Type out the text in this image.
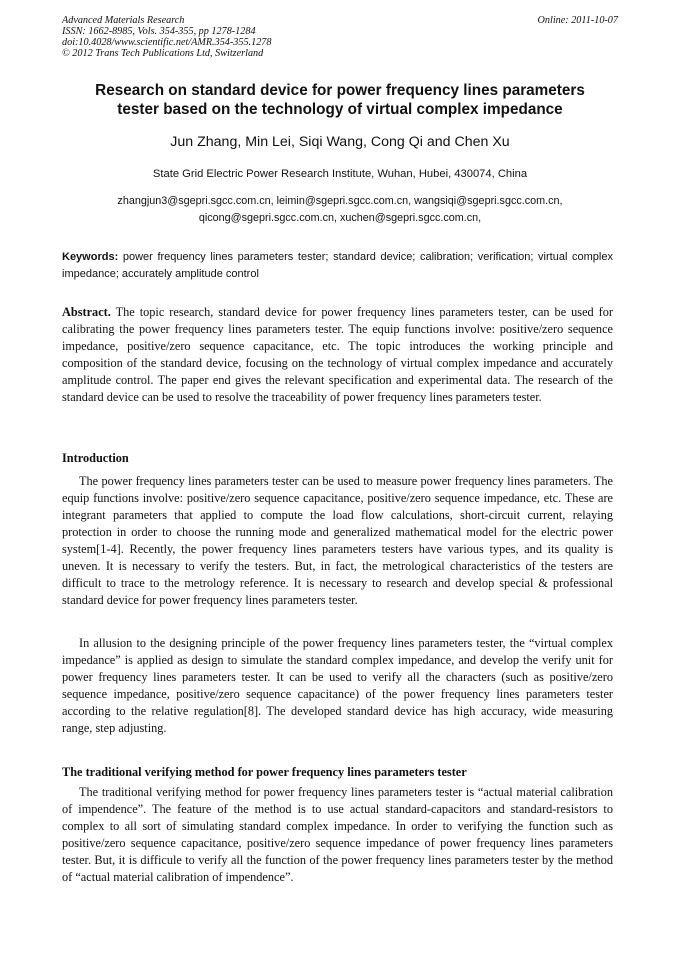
Advanced Materials Research	Online: 2011-10-07
ISSN: 1662-8985, Vols. 354-355, pp 1278-1284
doi:10.4028/www.scientific.net/AMR.354-355.1278
© 2012 Trans Tech Publications Ltd, Switzerland
Research on standard device for power frequency lines parameters
tester based on the technology of virtual complex impedance
Jun Zhang, Min Lei, Siqi Wang, Cong Qi and Chen Xu
State Grid Electric Power Research Institute, Wuhan, Hubei, 430074, China
zhangjun3@sgepri.sgcc.com.cn, leimin@sgepri.sgcc.com.cn, wangsiqi@sgepri.sgcc.com.cn,
qicong@sgepri.sgcc.com.cn, xuchen@sgepri.sgcc.com.cn,
Keywords: power frequency lines parameters tester; standard device; calibration; verification; virtual complex impedance; accurately amplitude control
Abstract. The topic research, standard device for power frequency lines parameters tester, can be used for calibrating the power frequency lines parameters tester. The equip functions involve: positive/zero sequence impedance, positive/zero sequence capacitance, etc. The topic introduces the working principle and composition of the standard device, focusing on the technology of virtual complex impedance and accurately amplitude control. The paper end gives the relevant specification and experimental data. The research of the standard device can be used to resolve the traceability of power frequency lines parameters tester.
Introduction
The power frequency lines parameters tester can be used to measure power frequency lines parameters. The equip functions involve: positive/zero sequence capacitance, positive/zero sequence impedance, etc. These are integrant parameters that applied to compute the load flow calculations, short-circuit current, relaying protection in order to choose the running mode and generalized mathematical model for the electric power system[1-4]. Recently, the power frequency lines parameters testers have various types, and its quality is uneven. It is necessary to verify the testers. But, in fact, the metrological characteristics of the testers are difficult to trace to the metrology reference. It is necessary to research and develop special & professional standard device for power frequency lines parameters tester.
In allusion to the designing principle of the power frequency lines parameters tester, the “virtual complex impedance” is applied as design to simulate the standard complex impedance, and develop the verify unit for power frequency lines parameters tester. It can be used to verify all the characters (such as positive/zero sequence impedance, positive/zero sequence capacitance) of the power frequency lines parameters tester according to the relative regulation[8]. The developed standard device has high accuracy, wide measuring range, step adjusting.
The traditional verifying method for power frequency lines parameters tester
The traditional verifying method for power frequency lines parameters tester is “actual material calibration of impendence”. The feature of the method is to use actual standard-capacitors and standard-resistors to complex to all sort of simulating standard complex impedance. In order to verifying the function such as positive/zero sequence capacitance, positive/zero sequence impedance of power frequency lines parameters tester. But, it is difficule to verify all the function of the power frequency lines parameters tester by the method of “actual material calibration of impendence”.
